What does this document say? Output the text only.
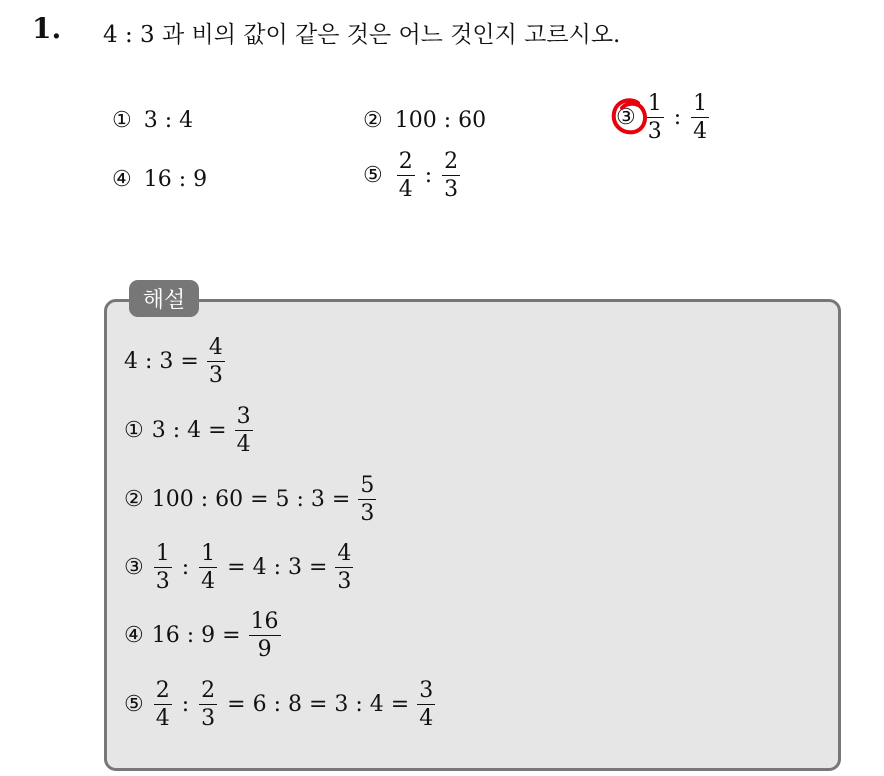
1. 4 : 3 과 비의 값이 같은 것은 어느 것인지 고르시오.
① 3 : 4	② 100 : 60	③ $\frac{1}{3}$ : $\frac{1}{4}$
④ 16 : 9	⑤ $\frac{2}{4}$ : $\frac{2}{3}$
해설
4 : $3 = \frac{4}{3}$
① 3 : $4 = \frac{3}{4}$
② 100 : 60 = 5 : $3 = \frac{5}{3}$
③ $\frac{1}{3}$ : $\frac{1}{4} = 4$ : $3 = \frac{4}{3}$
④ 16 : $9 = \frac{16}{9}$
⑤ $\frac{2}{4}$ : $\frac{2}{3} = 6$ : 8 = 3 : $4 = \frac{3}{4}$
